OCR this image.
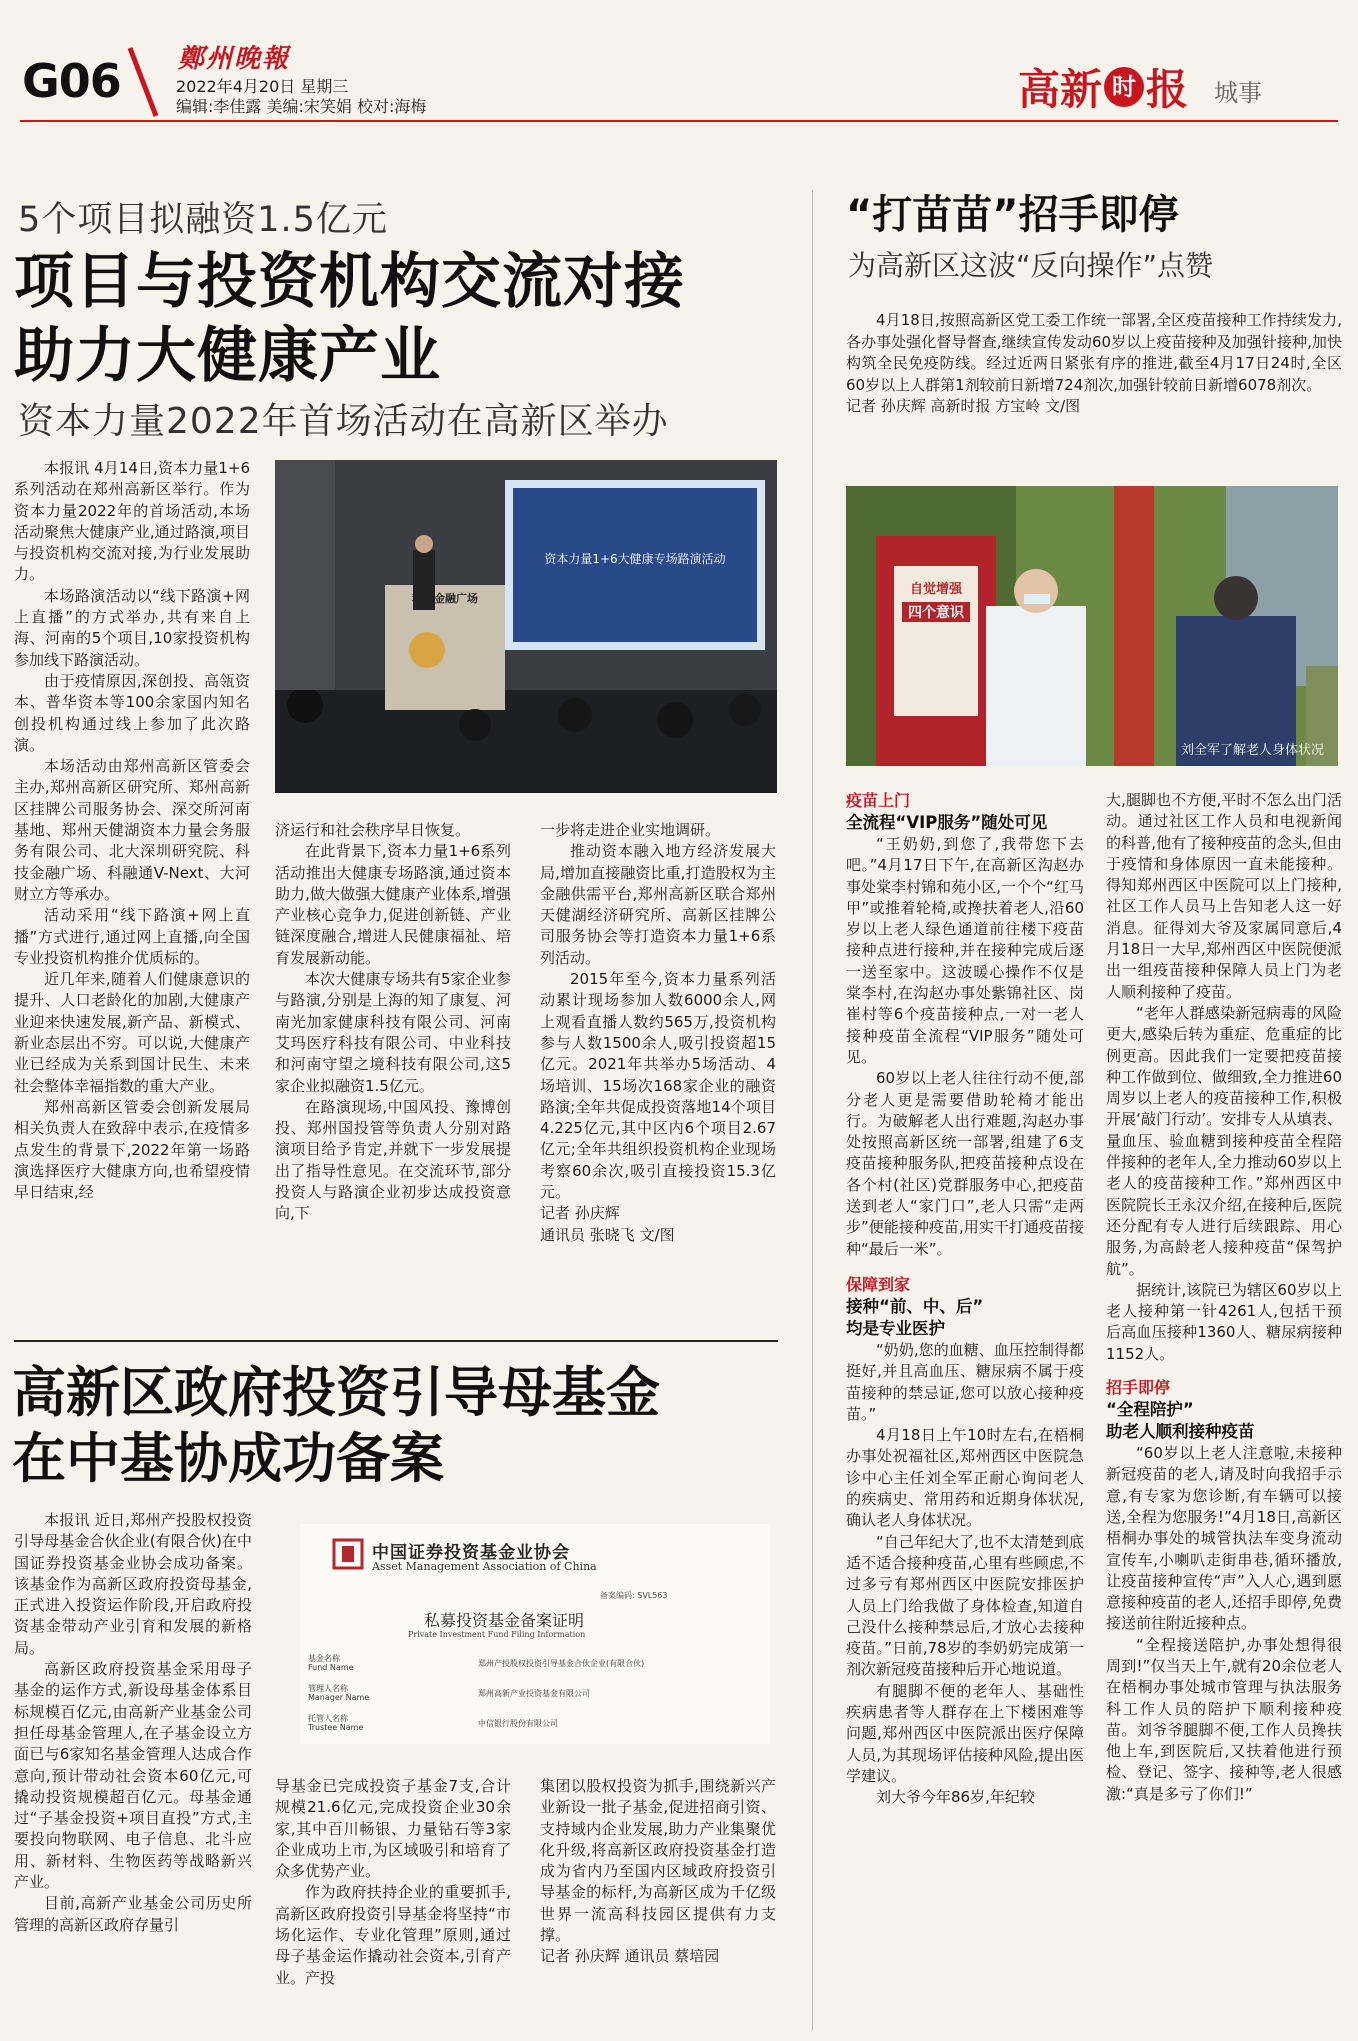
G06 鄭州晚報
2022年4月20日 星期三
编辑:李佳露 美编:宋笑娟 校对:海梅	高新 时 报 城事
5个项目拟融资1.5亿元
项目与投资机构交流对接
助力大健康产业
资本力量2022年首场活动在高新区举办
资本力量1+6大健康专场路演活动
科技金融广场

本报讯 4月14日,资本力量1+6系列活动在郑州高新区举行。作为资本力量2022年的首场活动,本场活动聚焦大健康产业,通过路演,项目与投资机构交流对接,为行业发展助力。

本场路演活动以“线下路演+网上直播”的方式举办,共有来自上海、河南的5个项目,10家投资机构参加线下路演活动。

由于疫情原因,深创投、高瓴资本、普华资本等100余家国内知名创投机构通过线上参加了此次路演。

本场活动由郑州高新区管委会主办,郑州高新区研究所、郑州高新区挂牌公司服务协会、深交所河南基地、郑州天健湖资本力量会务服务有限公司、北大深圳研究院、科技金融广场、科融通V-Next、大河财立方等承办。

活动采用“线下路演+网上直播”方式进行,通过网上直播,向全国专业投资机构推介优质标的。

近几年来,随着人们健康意识的提升、人口老龄化的加剧,大健康产业迎来快速发展,新产品、新模式、新业态层出不穷。可以说,大健康产业已经成为关系到国计民生、未来社会整体幸福指数的重大产业。

郑州高新区管委会创新发展局相关负责人在致辞中表示,在疫情多点发生的背景下,2022年第一场路演选择医疗大健康方向,也希望疫情早日结束,经

济运行和社会秩序早日恢复。

在此背景下,资本力量1+6系列活动推出大健康专场路演,通过资本助力,做大做强大健康产业体系,增强产业核心竞争力,促进创新链、产业链深度融合,增进人民健康福祉、培育发展新动能。

本次大健康专场共有5家企业参与路演,分别是上海的知了康复、河南光加家健康科技有限公司、河南艾玛医疗科技有限公司、中业科技和河南守望之境科技有限公司,这5家企业拟融资1.5亿元。

在路演现场,中国风投、豫博创投、郑州国投管等负责人分别对路演项目给予肯定,并就下一步发展提出了指导性意见。在交流环节,部分投资人与路演企业初步达成投资意向,下

一步将走进企业实地调研。

推动资本融入地方经济发展大局,增加直接融资比重,打造股权为主金融供需平台,郑州高新区联合郑州天健湖经济研究所、高新区挂牌公司服务协会等打造资本力量1+6系列活动。

2015年至今,资本力量系列活动累计现场参加人数6000余人,网上观看直播人数约565万,投资机构参与人数1500余人,吸引投资超15亿元。2021年共举办5场活动、4场培训、15场次168家企业的融资路演;全年共促成投资落地14个项目4.225亿元,其中区内6个项目2.67亿元;全年共组织投资机构企业现场考察60余次,吸引直接投资15.3亿元。

记者 孙庆辉

通讯员 张晓飞 文/图

高新区政府投资引导母基金
在中基协成功备案
中国证券投资基金业协会
Asset Management Association of China
备案编码: SVL563
私募投资基金备案证明
Private Investment Fund Filing Information
基金名称
Fund Name	郑州产投股权投资引导基金合伙企业(有限合伙)
管理人名称
Manager Name	郑州高新产业投资基金有限公司
托管人名称
Trustee Name	中信银行股份有限公司

本报讯 近日,郑州产投股权投资引导母基金合伙企业(有限合伙)在中国证券投资基金业协会成功备案。该基金作为高新区政府投资母基金,正式进入投资运作阶段,开启政府投资基金带动产业引育和发展的新格局。

高新区政府投资基金采用母子基金的运作方式,新设母基金体系目标规模百亿元,由高新产业基金公司担任母基金管理人,在子基金设立方面已与6家知名基金管理人达成合作意向,预计带动社会资本60亿元,可撬动投资规模超百亿元。母基金通过“子基金投资+项目直投”方式,主要投向物联网、电子信息、北斗应用、新材料、生物医药等战略新兴产业。

目前,高新产业基金公司历史所管理的高新区政府存量引

导基金已完成投资子基金7支,合计规模21.6亿元,完成投资企业30余家,其中百川畅银、力量钻石等3家企业成功上市,为区域吸引和培育了众多优势产业。

作为政府扶持企业的重要抓手,高新区政府投资引导基金将坚持“市场化运作、专业化管理”原则,通过母子基金运作撬动社会资本,引育产业。产投

集团以股权投资为抓手,围绕新兴产业新设一批子基金,促进招商引资、支持域内企业发展,助力产业集聚优化升级,将高新区政府投资基金打造成为省内乃至国内区域政府投资引导基金的标杆,为高新区成为千亿级世界一流高科技园区提供有力支撑。

记者 孙庆辉 通讯员 蔡培园

“打苗苗”招手即停
为高新区这波“反向操作”点赞

4月18日,按照高新区党工委工作统一部署,全区疫苗接种工作持续发力,各办事处强化督导督查,继续宣传发动60岁以上疫苗接种及加强针接种,加快构筑全民免疫防线。经过近两日紧张有序的推进,截至4月17日24时,全区60岁以上人群第1剂较前日新增724剂次,加强针较前日新增6078剂次。

记者 孙庆辉 高新时报 方宝岭 文/图

自觉增强
四个意识
刘全军了解老人身体状况
疫苗上门
全流程“VIP服务”随处可见

“王奶奶,到您了,我带您下去吧。”4月17日下午,在高新区沟赵办事处棠李村锦和苑小区,一个个“红马甲”或推着轮椅,或搀扶着老人,沿60岁以上老人绿色通道前往楼下疫苗接种点进行接种,并在接种完成后逐一送至家中。这波暖心操作不仅是棠李村,在沟赵办事处紫锦社区、岗崔村等6个疫苗接种点,一对一老人接种疫苗全流程“VIP服务”随处可见。

60岁以上老人往往行动不便,部分老人更是需要借助轮椅才能出行。为破解老人出行难题,沟赵办事处按照高新区统一部署,组建了6支疫苗接种服务队,把疫苗接种点设在各个村(社区)党群服务中心,把疫苗送到老人“家门口”,老人只需“走两步”便能接种疫苗,用实干打通疫苗接种“最后一米”。

保障到家
接种“前、中、后”
均是专业医护

“奶奶,您的血糖、血压控制得都挺好,并且高血压、糖尿病不属于疫苗接种的禁忌证,您可以放心接种疫苗。”

4月18日上午10时左右,在梧桐办事处祝福社区,郑州西区中医院急诊中心主任刘全军正耐心询问老人的疾病史、常用药和近期身体状况,确认老人身体状况。

“自己年纪大了,也不太清楚到底适不适合接种疫苗,心里有些顾虑,不过多亏有郑州西区中医院安排医护人员上门给我做了身体检查,知道自己没什么接种禁忌后,才放心去接种疫苗。”日前,78岁的李奶奶完成第一剂次新冠疫苗接种后开心地说道。

有腿脚不便的老年人、基础性疾病患者等人群存在上下楼困难等问题,郑州西区中医院派出医疗保障人员,为其现场评估接种风险,提出医学建议。

刘大爷今年86岁,年纪较

大,腿脚也不方便,平时不怎么出门活动。通过社区工作人员和电视新闻的科普,他有了接种疫苗的念头,但由于疫情和身体原因一直未能接种。得知郑州西区中医院可以上门接种,社区工作人员马上告知老人这一好消息。征得刘大爷及家属同意后,4月18日一大早,郑州西区中医院便派出一组疫苗接种保障人员上门为老人顺利接种了疫苗。

“老年人群感染新冠病毒的风险更大,感染后转为重症、危重症的比例更高。因此我们一定要把疫苗接种工作做到位、做细致,全力推进60周岁以上老人的疫苗接种工作,积极开展‘敲门行动’。安排专人从填表、量血压、验血糖到接种疫苗全程陪伴接种的老年人,全力推动60岁以上老人的疫苗接种工作。”郑州西区中医院院长王永汉介绍,在接种后,医院还分配有专人进行后续跟踪、用心服务,为高龄老人接种疫苗“保驾护航”。

据统计,该院已为辖区60岁以上老人接种第一针4261人,包括干预后高血压接种1360人、糖尿病接种1152人。

招手即停
“全程陪护”
助老人顺利接种疫苗

“60岁以上老人注意啦,未接种新冠疫苗的老人,请及时向我招手示意,有专家为您诊断,有车辆可以接送,全程为您服务!”4月18日,高新区梧桐办事处的城管执法车变身流动宣传车,小喇叭走街串巷,循环播放,让疫苗接种宣传“声”入人心,遇到愿意接种疫苗的老人,还招手即停,免费接送前往附近接种点。

“全程接送陪护,办事处想得很周到!”仅当天上午,就有20余位老人在梧桐办事处城市管理与执法服务科工作人员的陪护下顺利接种疫苗。刘爷爷腿脚不便,工作人员搀扶他上车,到医院后,又扶着他进行预检、登记、签字、接种等,老人很感激:“真是多亏了你们!”
